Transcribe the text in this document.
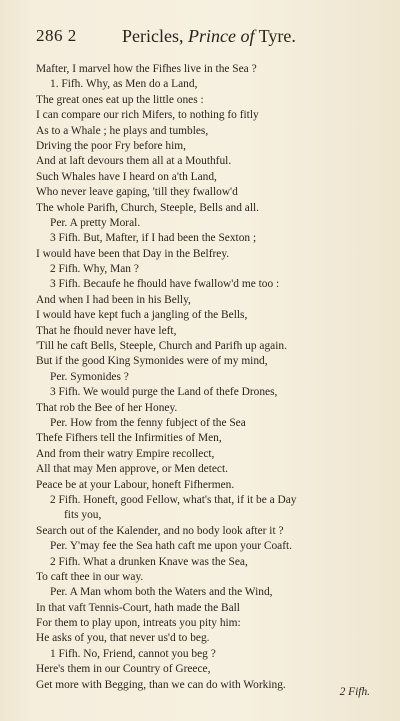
286 2	Pericles, Prince of Tyre.
Mafter, I marvel how the Fifhes live in the Sea ?
1. Fifh. Why, as Men do a Land,
The great ones eat up the little ones :
I can compare our rich Mifers, to nothing fo fitly
As to a Whale ; he plays and tumbles,
Driving the poor Fry before him,
And at laft devours them all at a Mouthful.
Such Whales have I heard on a'th Land,
Who never leave gaping, 'till they fwallow'd
The whole Parifh, Church, Steeple, Bells and all.
Per. A pretty Moral.
3 Fifh. But, Mafter, if I had been the Sexton ;
I would have been that Day in the Belfrey.
2 Fifh. Why, Man ?
3 Fifh. Becaufe he fhould have fwallow'd me too :
And when I had been in his Belly,
I would have kept fuch a jangling of the Bells,
That he fhould never have left,
'Till he caft Bells, Steeple, Church and Parifh up again.
But if the good King Symonides were of my mind,
Per. Symonides ?
3 Fifh. We would purge the Land of thefe Drones,
That rob the Bee of her Honey.
Per. How from the fenny fubject of the Sea
Thefe Fifhers tell the Infirmities of Men,
And from their watry Empire recollect,
All that may Men approve, or Men detect.
Peace be at your Labour, honeft Fifhermen.
2 Fifh. Honeft, good Fellow, what's that, if it be a Day
fits you,
Search out of the Kalender, and no body look after it ?
Per. Y'may fee the Sea hath caft me upon your Coaft.
2 Fifh. What a drunken Knave was the Sea,
To caft thee in our way.
Per. A Man whom both the Waters and the Wind,
In that vaft Tennis-Court, hath made the Ball
For them to play upon, intreats you pity him:
He asks of you, that never us'd to beg.
1 Fifh. No, Friend, cannot you beg ?
Here's them in our Country of Greece,
Get more with Begging, than we can do with Working.
2 Fifh.
